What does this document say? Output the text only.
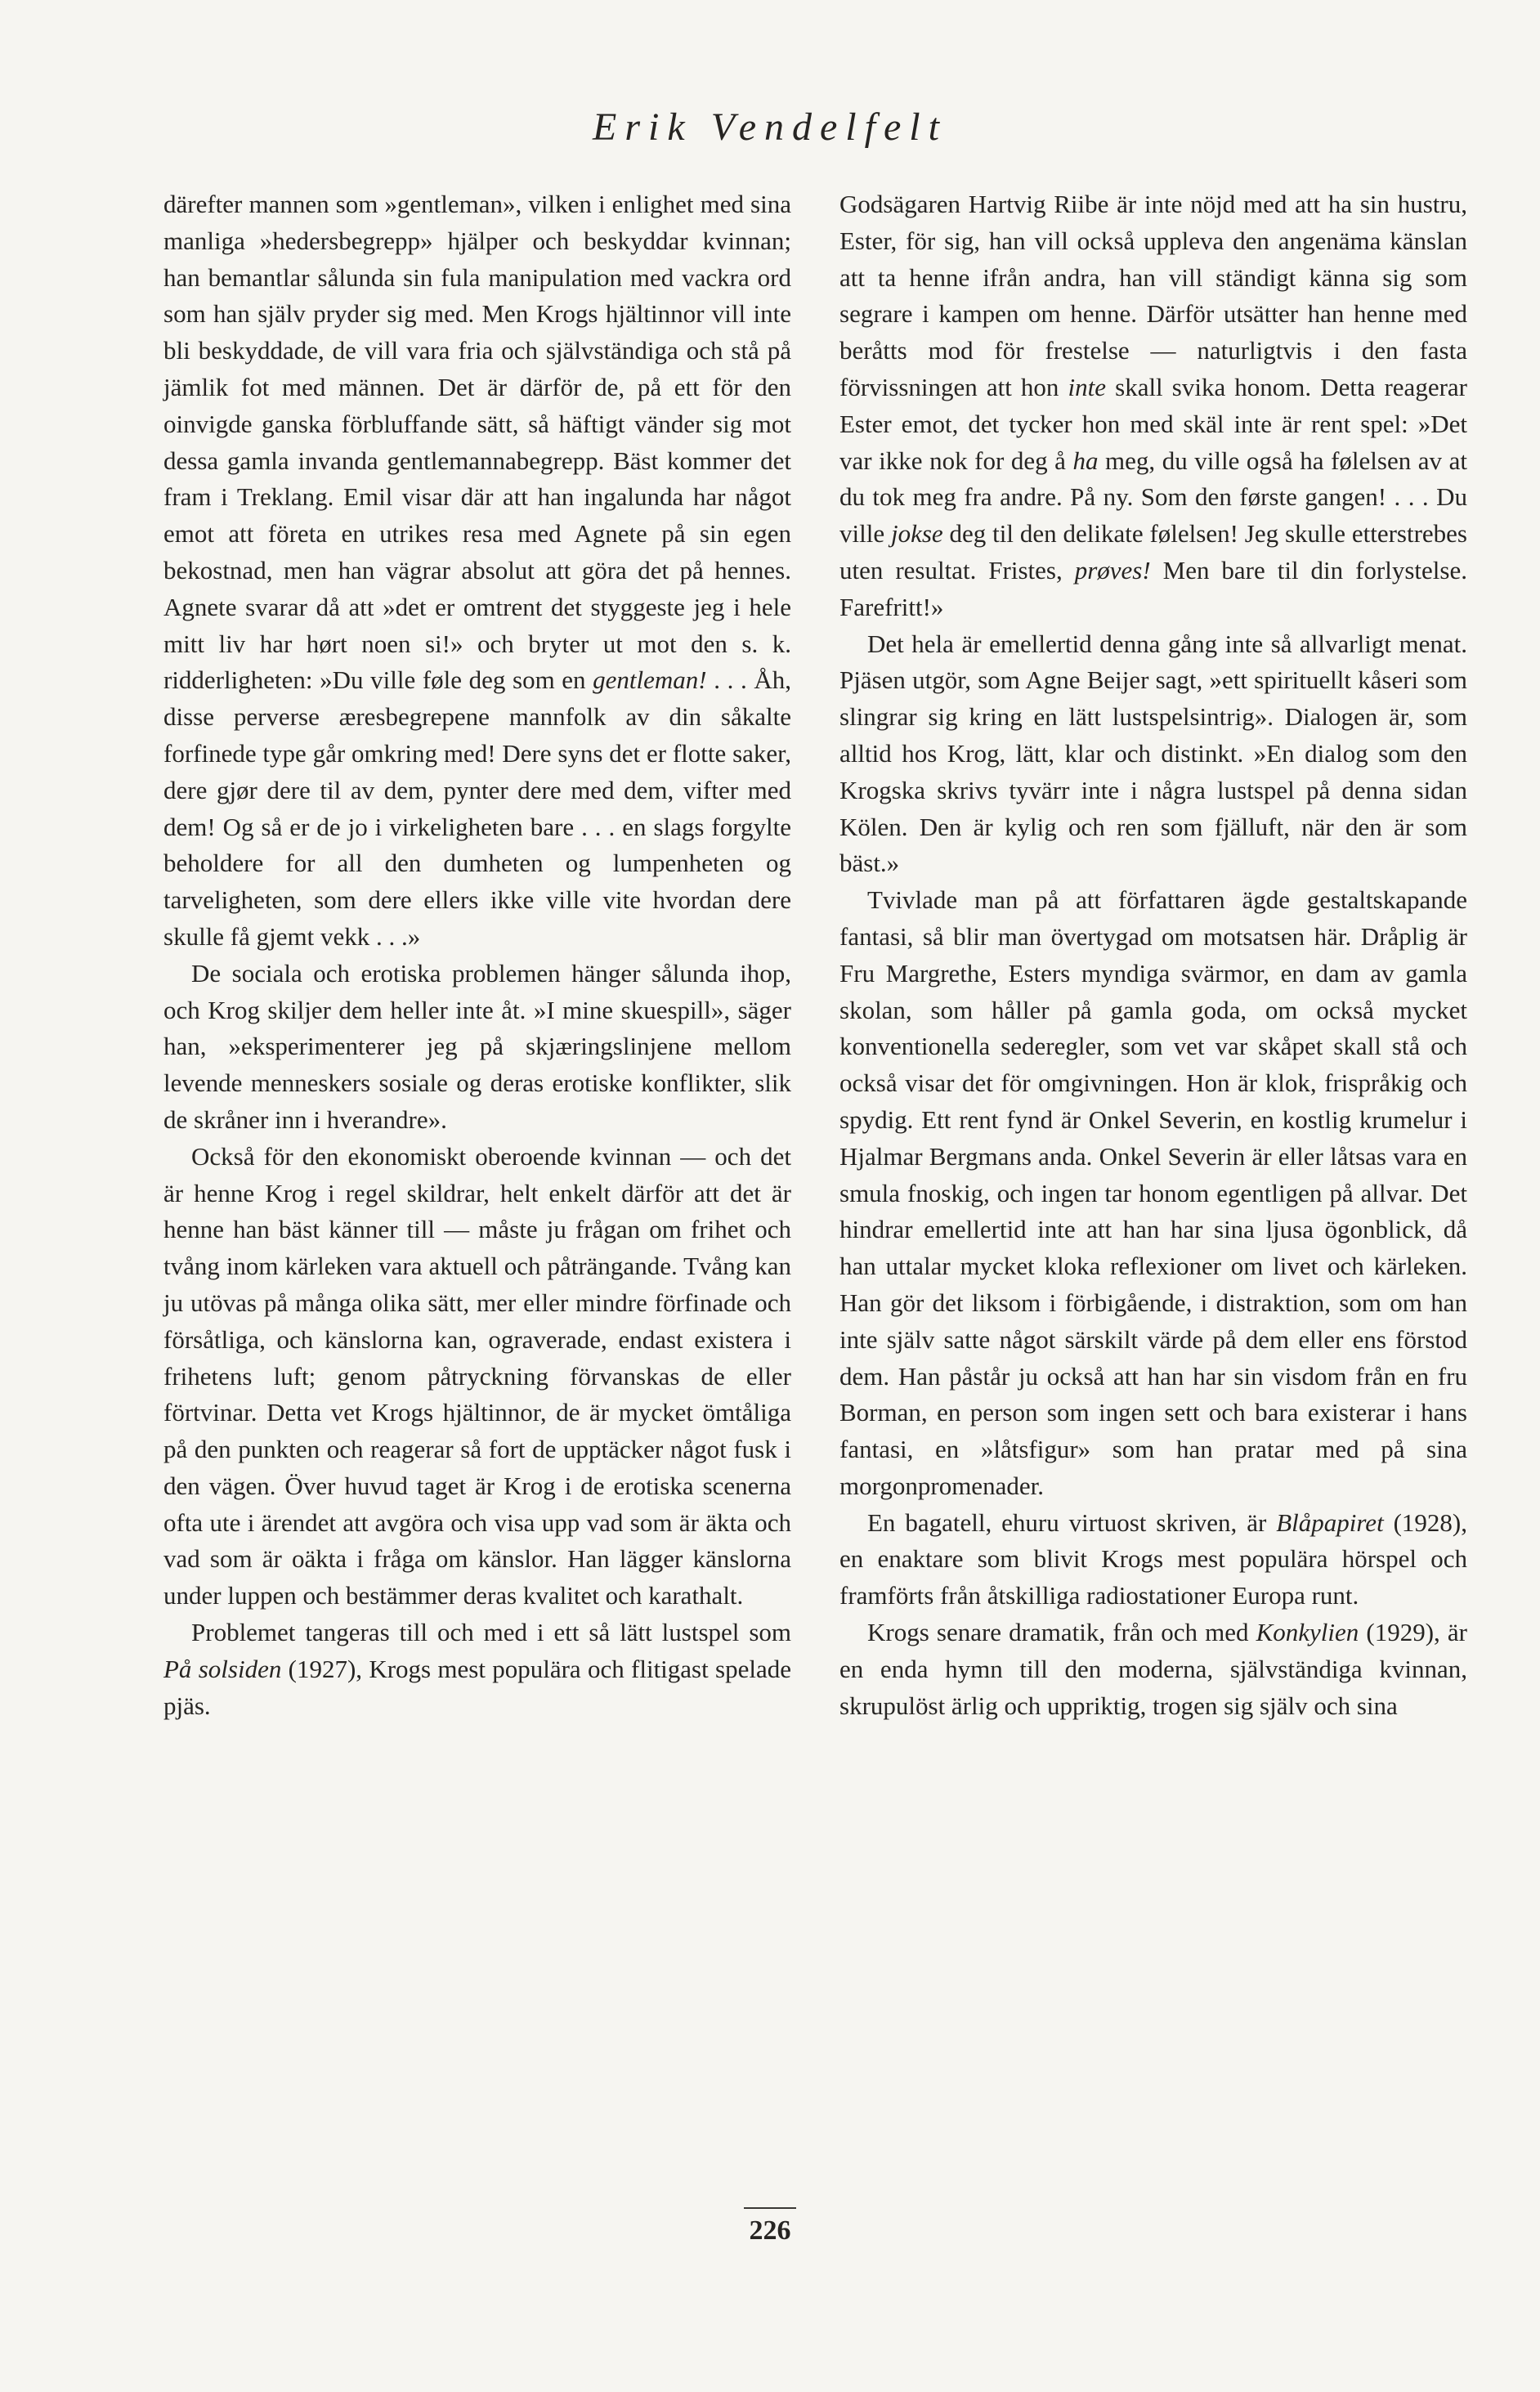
Erik Vendelfelt

därefter mannen som »gentleman», vilken i enlighet med sina manliga »hedersbegrepp» hjälper och beskyddar kvinnan; han bemantlar sålunda sin fula manipulation med vackra ord som han själv pryder sig med. Men Krogs hjältinnor vill inte bli beskyddade, de vill vara fria och självständiga och stå på jämlik fot med männen. Det är därför de, på ett för den oinvigde ganska förbluffande sätt, så häftigt vänder sig mot dessa gamla invanda gentlemannabegrepp. Bäst kommer det fram i Treklang. Emil visar där att han ingalunda har något emot att företa en utrikes resa med Agnete på sin egen bekostnad, men han vägrar absolut att göra det på hennes. Agnete svarar då att »det er omtrent det styggeste jeg i hele mitt liv har hørt noen si!» och bryter ut mot den s. k. ridderligheten: »Du ville føle deg som en gentleman! . . . Åh, disse perverse æresbegrepene mannfolk av din såkalte forfinede type går omkring med! Dere syns det er flotte saker, dere gjør dere til av dem, pynter dere med dem, vifter med dem! Og så er de jo i virkeligheten bare . . . en slags forgylte beholdere for all den dumheten og lumpenheten og tarveligheten, som dere ellers ikke ville vite hvordan dere skulle få gjemt vekk . . .»

De sociala och erotiska problemen hänger sålunda ihop, och Krog skiljer dem heller inte åt. »I mine skuespill», säger han, »eksperimenterer jeg på skjæringslinjene mellom levende menneskers sosiale og deras erotiske konflikter, slik de skråner inn i hverandre».

Också för den ekonomiskt oberoende kvinnan — och det är henne Krog i regel skildrar, helt enkelt därför att det är henne han bäst känner till — måste ju frågan om frihet och tvång inom kärleken vara aktuell och påträngande. Tvång kan ju utövas på många olika sätt, mer eller mindre förfinade och försåtliga, och känslorna kan, ograverade, endast existera i frihetens luft; genom påtryckning förvanskas de eller förtvinar. Detta vet Krogs hjältinnor, de är mycket ömtåliga på den punkten och reagerar så fort de upptäcker något fusk i den vägen. Över huvud taget är Krog i de erotiska scenerna ofta ute i ärendet att avgöra och visa upp vad som är äkta och vad som är oäkta i fråga om känslor. Han lägger känslorna under luppen och bestämmer deras kvalitet och karathalt.

Problemet tangeras till och med i ett så lätt lustspel som På solsiden (1927), Krogs mest populära och flitigast spelade pjäs.

Godsägaren Hartvig Riibe är inte nöjd med att ha sin hustru, Ester, för sig, han vill också uppleva den angenäma känslan att ta henne ifrån andra, han vill ständigt känna sig som segrare i kampen om henne. Därför utsätter han henne med beråtts mod för frestelse — naturligtvis i den fasta förvissningen att hon inte skall svika honom. Detta reagerar Ester emot, det tycker hon med skäl inte är rent spel: »Det var ikke nok for deg å ha meg, du ville også ha følelsen av at du tok meg fra andre. På ny. Som den første gangen! . . . Du ville jokse deg til den delikate følelsen! Jeg skulle etterstrebes uten resultat. Fristes, prøves! Men bare til din forlystelse. Farefritt!»

Det hela är emellertid denna gång inte så allvarligt menat. Pjäsen utgör, som Agne Beijer sagt, »ett spirituellt kåseri som slingrar sig kring en lätt lustspelsintrig». Dialogen är, som alltid hos Krog, lätt, klar och distinkt. »En dialog som den Krogska skrivs tyvärr inte i några lustspel på denna sidan Kölen. Den är kylig och ren som fjälluft, när den är som bäst.»

Tvivlade man på att författaren ägde gestaltskapande fantasi, så blir man övertygad om motsatsen här. Dråplig är Fru Margrethe, Esters myndiga svärmor, en dam av gamla skolan, som håller på gamla goda, om också mycket konventionella sederegler, som vet var skåpet skall stå och också visar det för omgivningen. Hon är klok, frispråkig och spydig. Ett rent fynd är Onkel Severin, en kostlig krumelur i Hjalmar Bergmans anda. Onkel Severin är eller låtsas vara en smula fnoskig, och ingen tar honom egentligen på allvar. Det hindrar emellertid inte att han har sina ljusa ögonblick, då han uttalar mycket kloka reflexioner om livet och kärleken. Han gör det liksom i förbigående, i distraktion, som om han inte själv satte något särskilt värde på dem eller ens förstod dem. Han påstår ju också att han har sin visdom från en fru Borman, en person som ingen sett och bara existerar i hans fantasi, en »låtsfigur» som han pratar med på sina morgonpromenader.

En bagatell, ehuru virtuost skriven, är Blåpapiret (1928), en enaktare som blivit Krogs mest populära hörspel och framförts från åtskilliga radiostationer Europa runt.

Krogs senare dramatik, från och med Konkylien (1929), är en enda hymn till den moderna, självständiga kvinnan, skrupulöst ärlig och uppriktig, trogen sig själv och sina

226
